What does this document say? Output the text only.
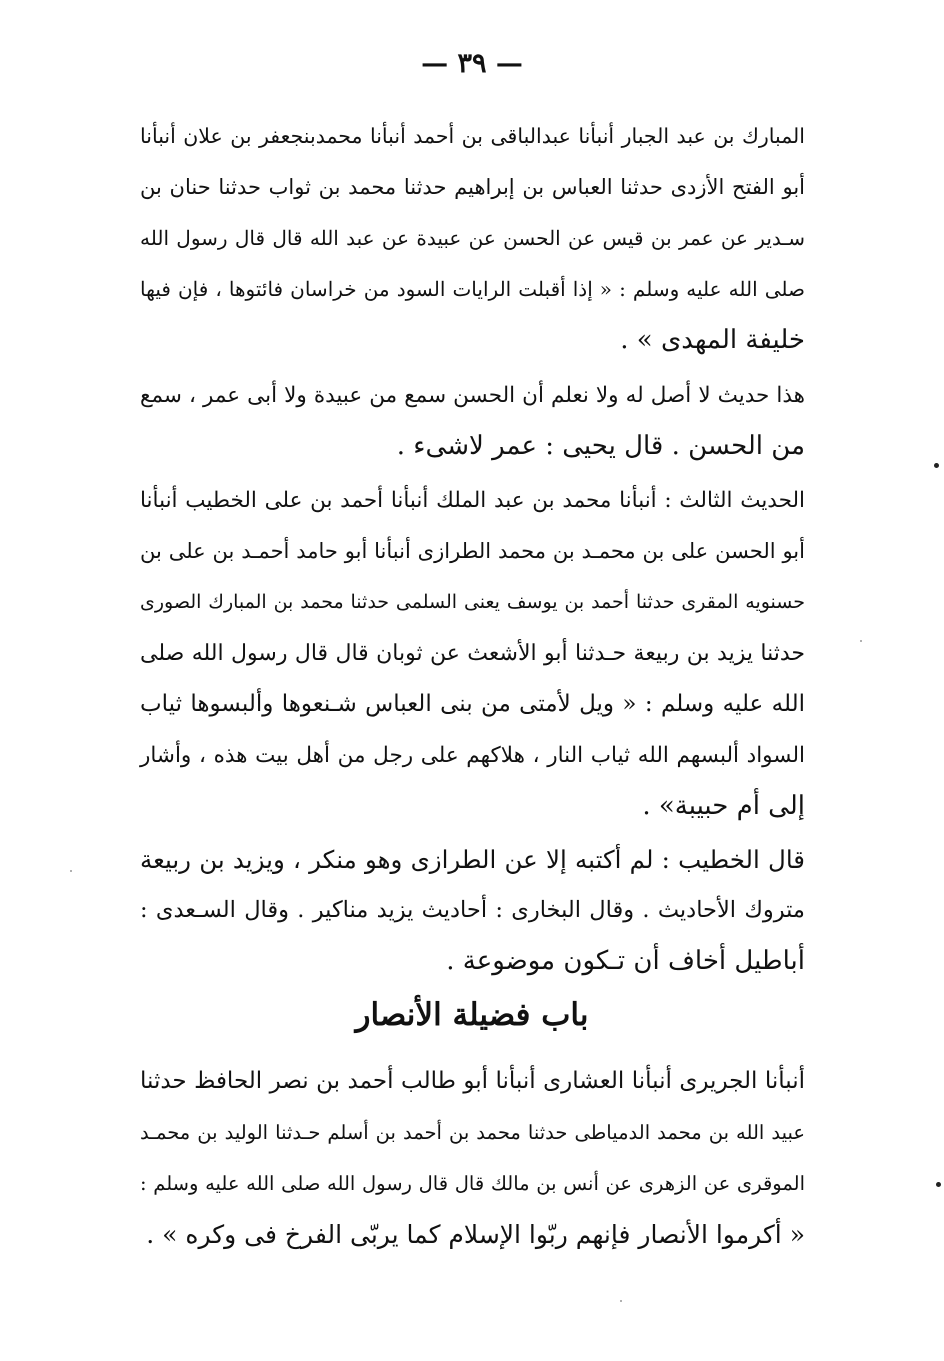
— ٣٩ —
المبارك بن عبد الجبار أنبأنا عبدالباقى بن أحمد أنبأنا محمدبنجعفر بن علان أنبأنا
أبو الفتح الأزدى حدثنا العباس بن إبراهيم حدثنا محمد بن ثواب حدثنا حنان بن
سـدير عن عمر بن قيس عن الحسن عن عبيدة عن عبد الله قال قال رسول الله
صلى الله عليه وسلم : « إذا أقبلت الرايات السود من خراسان فائتوها ، فإن فيها
خليفة المهدى » .
هذا حديث لا أصل له ولا نعلم أن الحسن سمع من عبيدة ولا أبى عمر ، سمع
من الحسن . قال يحيى : عمر لاشىء .
الحديث الثالث : أنبأنا محمد بن عبد الملك أنبأنا أحمد بن على الخطيب أنبأنا
أبو الحسن على بن محمـد بن محمد الطرازى أنبأنا أبو حامد أحمـد بن على بن
حسنويه المقرى حدثنا أحمد بن يوسف يعنى السلمى حدثنا محمد بن المبارك الصورى
حدثنا يزيد بن ربيعة حـدثنا أبو الأشعث عن ثوبان قال قال رسول الله صلى
الله عليه وسلم : « ويل لأمتى من بنى العباس شـنعوها وألبسوها ثياب
السواد ألبسهم الله ثياب النار ، هلاكهم على رجل من أهل بيت هذه ، وأشار
إلى أم حبيبة» .
قال الخطيب : لم أكتبه إلا عن الطرازى وهو منكر ، ويزيد بن ربيعة
متروك الأحاديث . وقال البخارى : أحاديث يزيد مناكير . وقال السـعدى :
أباطيل أخاف أن تـكون موضوعة .
باب فضيلة الأنصار
أنبأنا الجريرى أنبأنا العشارى أنبأنا أبو طالب أحمد بن نصر الحافظ حدثنا
عبيد الله بن محمد الدمياطى حدثنا محمد بن أحمد بن أسلم حـدثنا الوليد بن محمـد
الموقرى عن الزهرى عن أنس بن مالك قال قال رسول الله صلى الله عليه وسلم :
« أكرموا الأنصار فإنهم ربّوا الإسلام كما يربّى الفرخ فى وكره » .
